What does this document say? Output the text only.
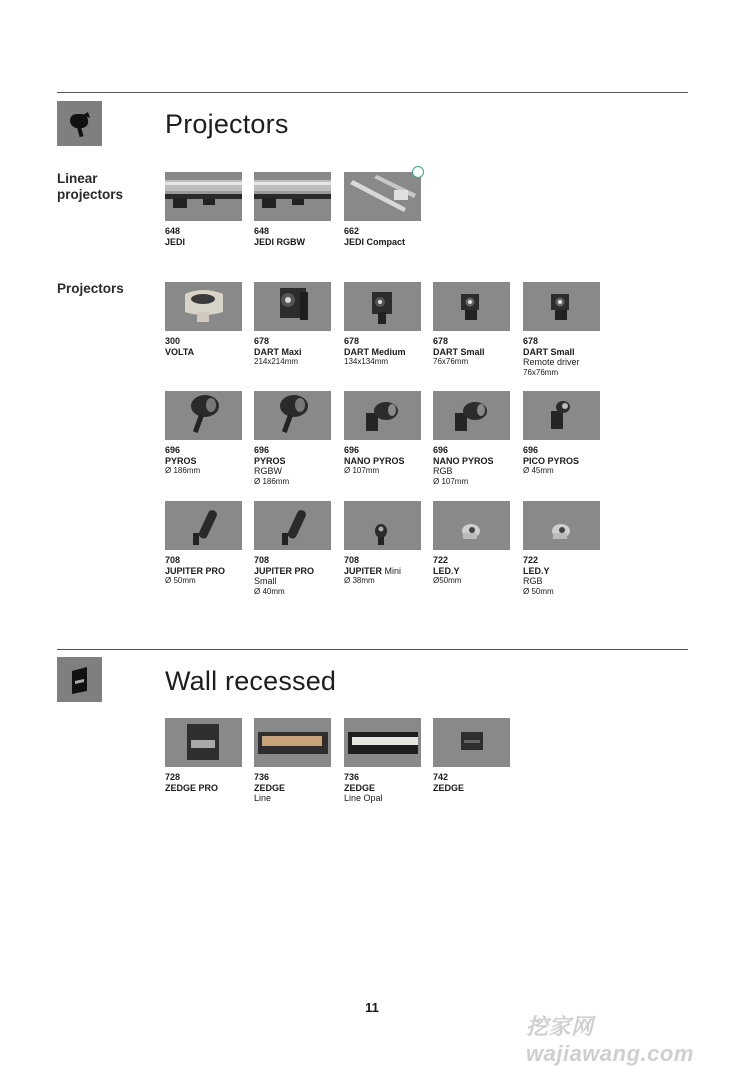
Projectors
Linear
projectors
Projectors
Wall recessed
648
JEDI
648
JEDI RGBW
662
JEDI Compact
300
VOLTA
678
DART Maxi
214x214mm
678
DART Medium
134x134mm
678
DART Small
76x76mm
678
DART Small
Remote driver
76x76mm
696
PYROS
Ø 186mm
696
PYROS
RGBW
Ø 186mm
696
NANO PYROS
Ø 107mm
696
NANO PYROS
RGB
Ø 107mm
696
PICO PYROS
Ø 45mm
708
JUPITER PRO
Ø 50mm
708
JUPITER PRO
Small
Ø 40mm
708
JUPITER Mini
Ø 38mm
722
LED.Y
Ø50mm
722
LED.Y
RGB
Ø 50mm
728
ZEDGE PRO
736
ZEDGE
Line
736
ZEDGE
Line Opal
742
ZEDGE
11
挖家网 wajiawang.com
